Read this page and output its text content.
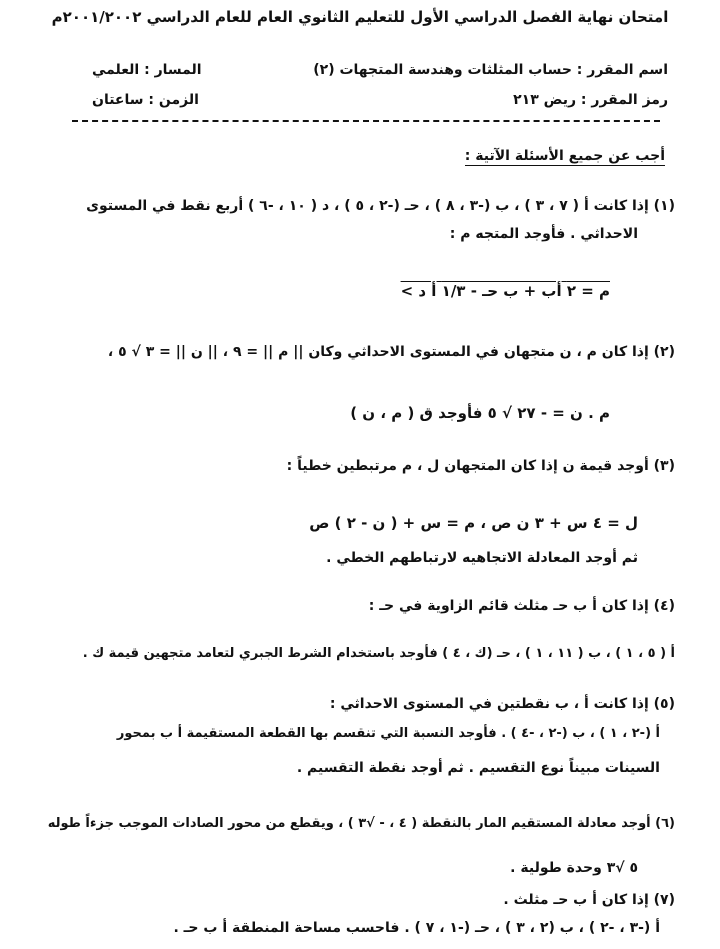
امتحان نهاية الفصل الدراسي الأول للتعليم الثانوي العام للعام الدراسي ٢٠٠١/٢٠٠٢م
اسم المقرر : حساب المثلثات وهندسة المتجهات (٢)
المسار : العلمي
رمز المقرر : ريض ٢١٣
الزمن : ساعتان
أجب عن جميع الأسئلة الآتية :
(١) إذا كانت أ ( ٧ ، ٣ ) ، ب (-٣ ، ٨ ) ، حـ (-٢ ، ٥ ) ، د ( ١٠ ، -٦ ) أربع نقط في المستوى
الاحداثي . فأوجد المتجه م :
م = ٢ أب + ب حـ - ١/٣ أ د >
(٢) إذا كان م ، ن متجهان في المستوى الاحداثي وكان || م || = ٩ ، || ن || = ٣ √ ٥ ،
م . ن = - ٢٧ √ ٥ فأوجد ق ( م ، ن )
(٣) أوجد قيمة ن إذا كان المتجهان ل ، م مرتبطين خطياً :
ل = ٤ س + ٣ ن ص ، م = س + ( ن - ٢ ) ص
ثم أوجد المعادلة الاتجاهيه لارتباطهم الخطي .
(٤) إذا كان أ ب حـ مثلث قائم الزاوية في حـ :
أ ( ٥ ، ١ ) ، ب ( ١١ ، ١ ) ، حـ (ك ، ٤ ) فأوجد باستخدام الشرط الجبري لتعامد متجهين قيمة ك .
(٥) إذا كانت أ ، ب نقطتين في المستوى الاحداثي :
أ (-٢ ، ١ ) ، ب (-٢ ، -٤ ) . فأوجد النسبة التي تنقسم بها القطعة المستقيمة أ ب بمحور
السينات مبيناً نوع التقسيم . ثم أوجد نقطة التقسيم .
(٦) أوجد معادلة المستقيم المار بالنقطة ( ٤ ، - √٣ ) ، ويقطع من محور الصادات الموجب جزءاً طوله
٥ √٣ وحدة طولية .
(٧) إذا كان أ ب حـ مثلث .
أ (-٣ ، -٢ ) ، ب (٢ ، ٣ ) ، حـ (-١ ، ٧ ) . فاحسب مساحة المنطقة أ ب حـ .
